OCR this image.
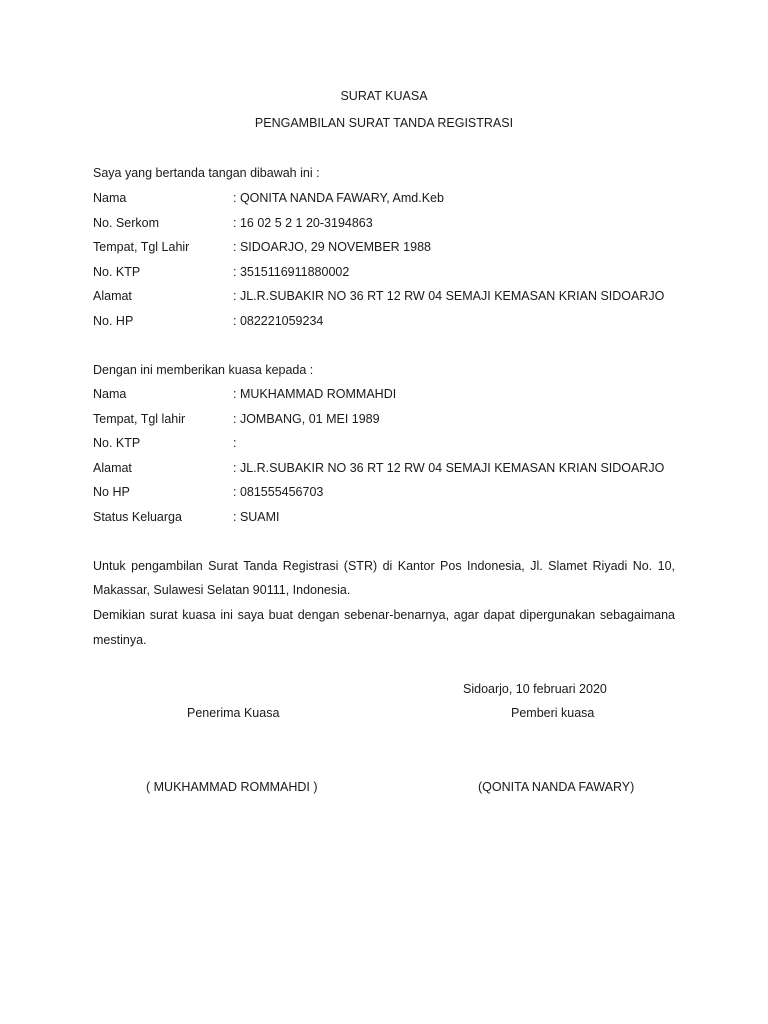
SURAT KUASA
PENGAMBILAN SURAT TANDA REGISTRASI
Saya yang bertanda tangan dibawah ini :
Nama	: QONITA NANDA FAWARY, Amd.Keb
No. Serkom	: 16 02 5 2 1 20-3194863
Tempat, Tgl Lahir	: SIDOARJO, 29 NOVEMBER 1988
No. KTP	: 3515116911880002
Alamat	: JL.R.SUBAKIR NO 36 RT 12 RW 04 SEMAJI KEMASAN KRIAN SIDOARJO
No. HP	: 082221059234
Dengan ini memberikan kuasa kepada :
Nama	: MUKHAMMAD ROMMAHDI
Tempat, Tgl lahir	: JOMBANG, 01 MEI 1989
No. KTP	:
Alamat	: JL.R.SUBAKIR NO 36 RT 12 RW 04 SEMAJI KEMASAN KRIAN SIDOARJO
No HP	: 081555456703
Status Keluarga	: SUAMI
Untuk pengambilan Surat Tanda Registrasi (STR) di Kantor Pos Indonesia, Jl. Slamet Riyadi No. 10,
Makassar, Sulawesi Selatan 90111, Indonesia.
Demikian surat kuasa ini saya buat dengan sebenar-benarnya, agar dapat dipergunakan sebagaimana
mestinya.
Sidoarjo, 10 februari 2020
Penerima Kuasa	Pemberi kuasa
( MUKHAMMAD ROMMAHDI )	(QONITA NANDA FAWARY)
